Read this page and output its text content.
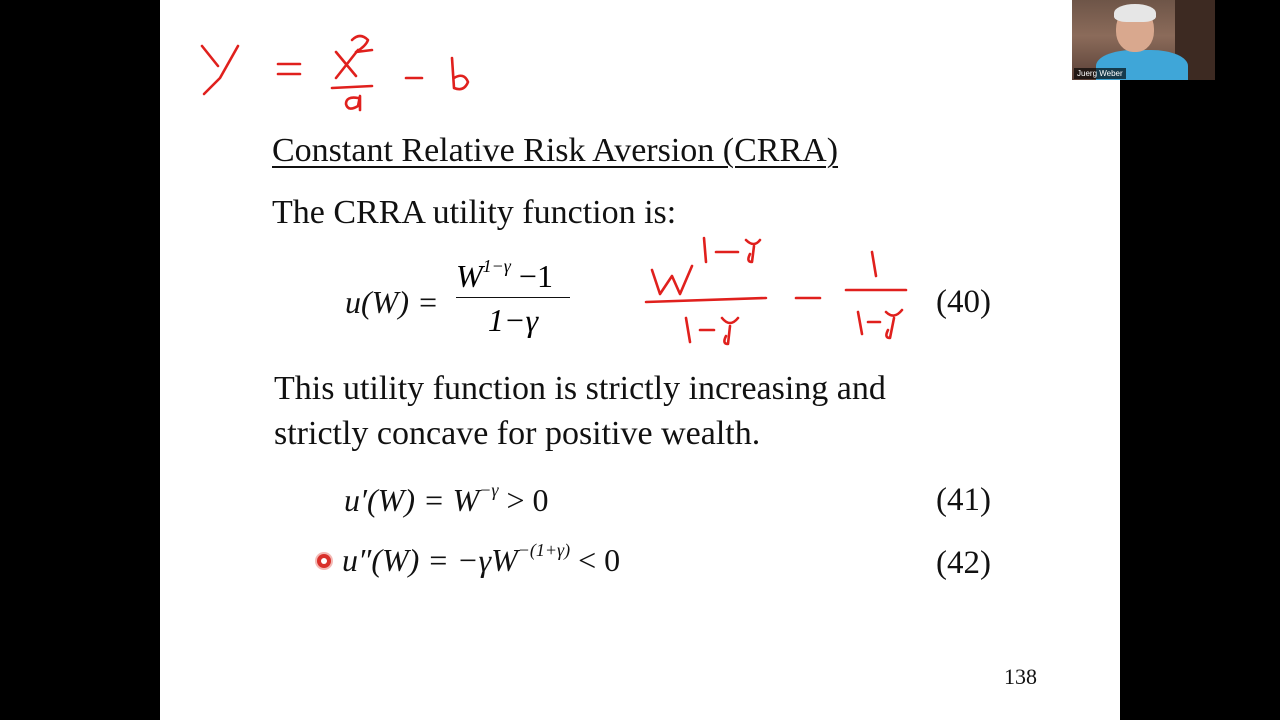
Constant Relative Risk Aversion (CRRA)
The CRRA utility function is:
u(W) =
$W^{1-\gamma} -1$
1−γ	(40)
This utility function is strictly increasing and
strictly concave for positive wealth.
$u'(W) = W^{-\gamma} > 0$	(41)
$u''(W) = -\gamma W^{-(1+\gamma)} < 0$	(42)
138
Juerg Weber
